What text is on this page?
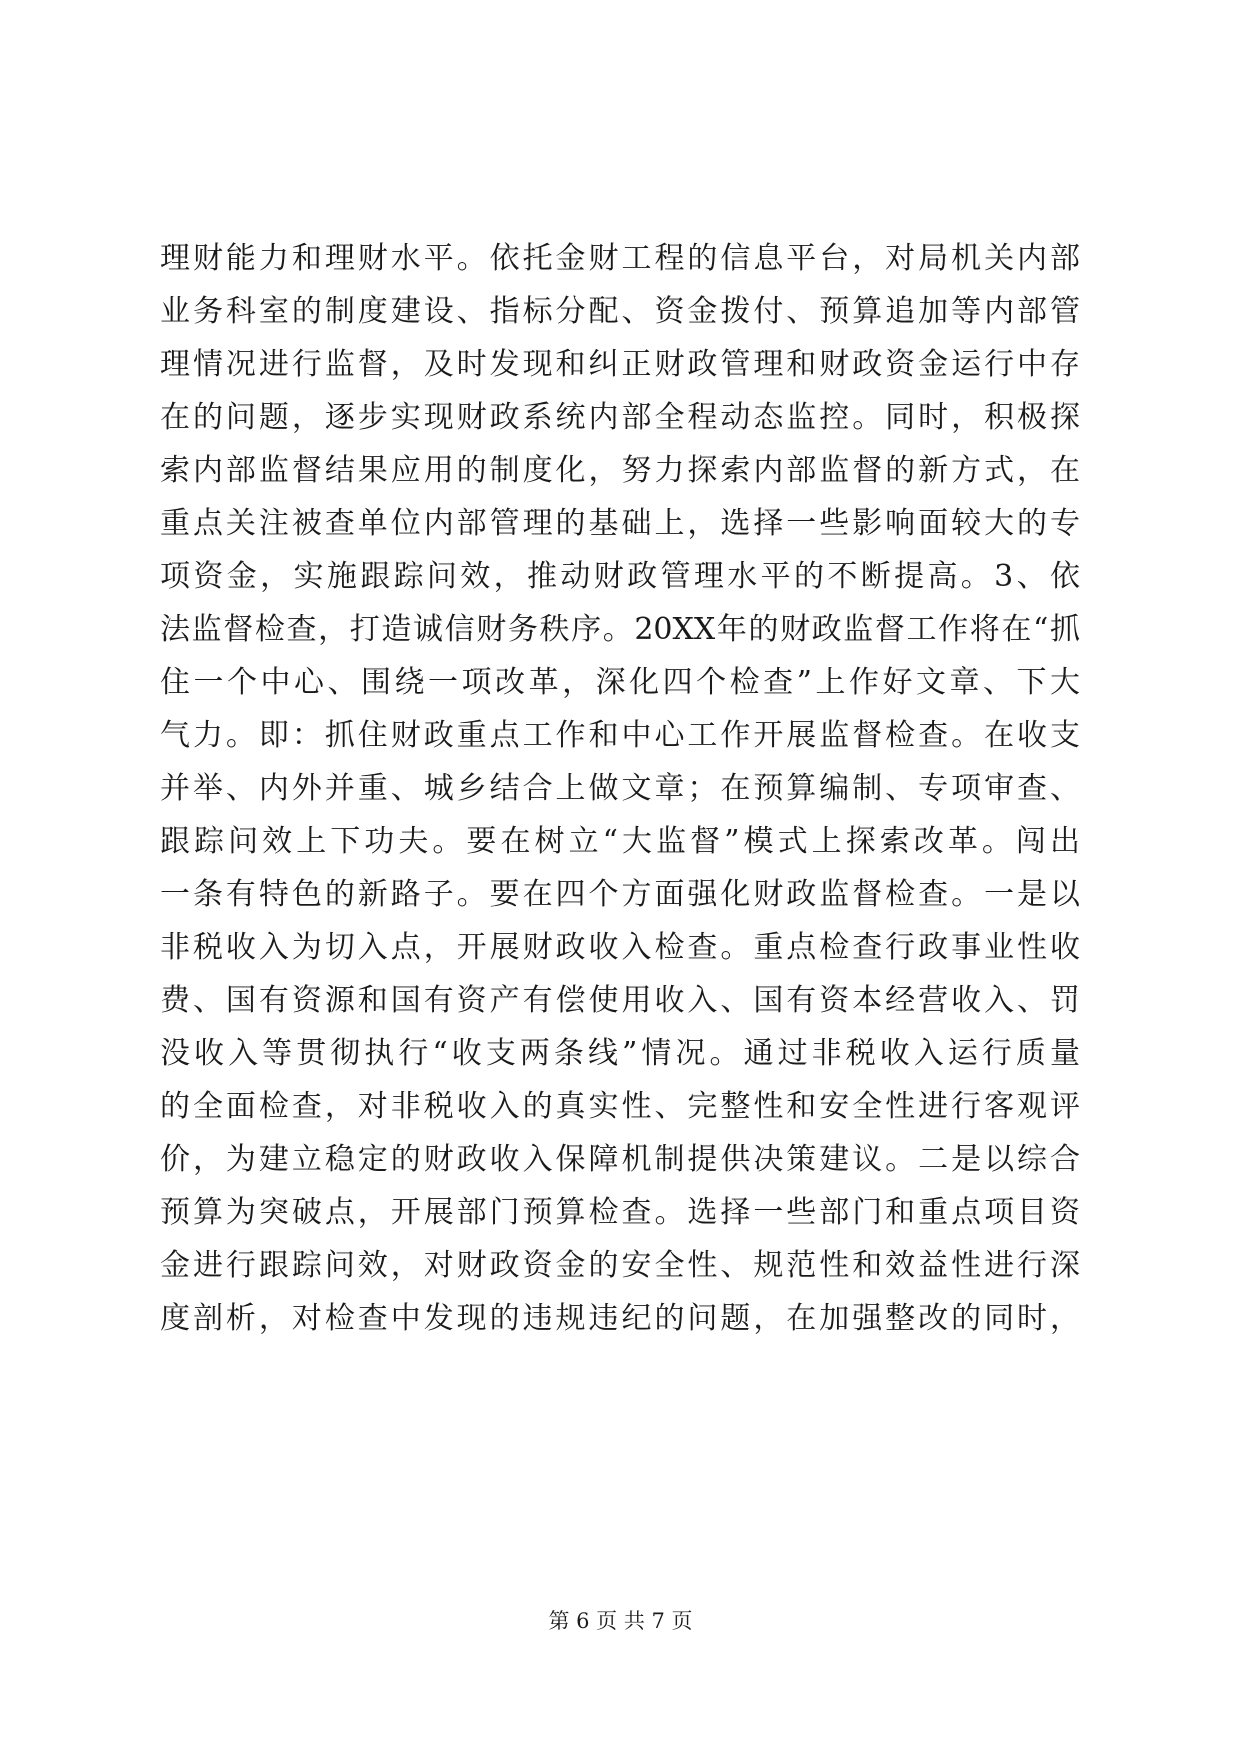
理财能力和理财水平。依托金财工程的信息平台，对局机关内部
业务科室的制度建设、指标分配、资金拨付、预算追加等内部管
理情况进行监督，及时发现和纠正财政管理和财政资金运行中存
在的问题，逐步实现财政系统内部全程动态监控。同时，积极探
索内部监督结果应用的制度化，努力探索内部监督的新方式，在
重点关注被查单位内部管理的基础上，选择一些影响面较大的专
项资金，实施跟踪问效，推动财政管理水平的不断提高。3、依
法监督检查，打造诚信财务秩序。20XX年的财政监督工作将在“抓
住一个中心、围绕一项改革，深化四个检查”上作好文章、下大
气力。即：抓住财政重点工作和中心工作开展监督检查。在收支
并举、内外并重、城乡结合上做文章；在预算编制、专项审查、
跟踪问效上下功夫。要在树立“大监督”模式上探索改革。闯出
一条有特色的新路子。要在四个方面强化财政监督检查。一是以
非税收入为切入点，开展财政收入检查。重点检查行政事业性收
费、国有资源和国有资产有偿使用收入、国有资本经营收入、罚
没收入等贯彻执行“收支两条线”情况。通过非税收入运行质量
的全面检查，对非税收入的真实性、完整性和安全性进行客观评
价，为建立稳定的财政收入保障机制提供决策建议。二是以综合
预算为突破点，开展部门预算检查。选择一些部门和重点项目资
金进行跟踪问效，对财政资金的安全性、规范性和效益性进行深
度剖析，对检查中发现的违规违纪的问题，在加强整改的同时，
第 6 页 共 7 页
